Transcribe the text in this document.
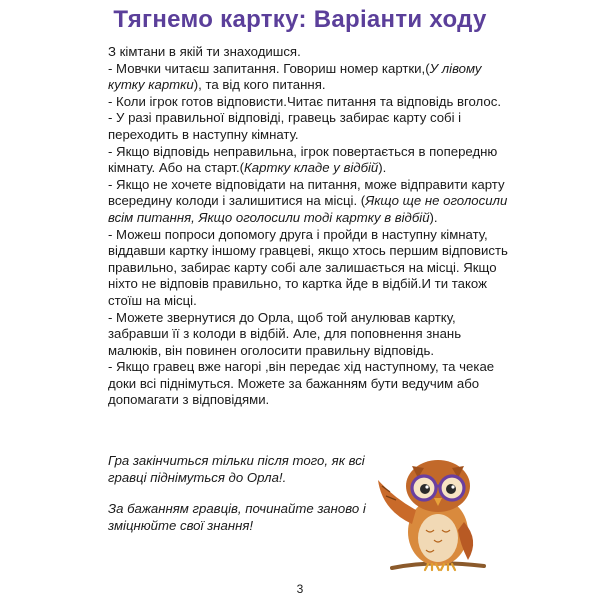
Тягнемо картку: Варіанти ходу

З кімтани в якій ти знаходишся.

- Мовчки читаєш запитання. Говориш номер картки,(У лівому кутку картки), та від кого питання.

- Коли ігрок готов відповисти.Читає питання та відповідь вголос.

- У разі правильної відповіді, гравець забирає карту собі і переходить в наступну кімнату.

- Якщо відповідь неправильна, ігрок повертається в попередню кімнату. Або на старт.(Картку кладе у відбій).

- Якщо не хочете відповідати на питання, може відправити карту всередину колоди і залишитися на місці. (Якщо ще не оголосили всім питання, Якщо оголосили тоді картку в відбій).

- Можеш попроси допомогу друга і пройди в наступну кімнату, віддавши картку іншому гравцеві, якщо хтось першим відповисть правильно, забирає карту собі але залишається на місці. Якщо ніхто не відповів правильно, то картка йде в відбій.И ти також стоїш на місці.

- Можете звернутися до Орла, щоб той анулював картку, забравши її з колоди в відбій. Але, для поповнення знань малюків, він повинен оголосити правильну відповідь.

- Якщо гравец вже нагорі ,він передає хід наступному, та чекае доки всі піднімуться. Можете за бажанням бути ведучим або допомагати з відповідями.

Гра закінчиться тільки після того, як всі гравці піднімуться до Орла!.

За бажанням гравців, починайте заново і зміцнюйте свої знання!

3
